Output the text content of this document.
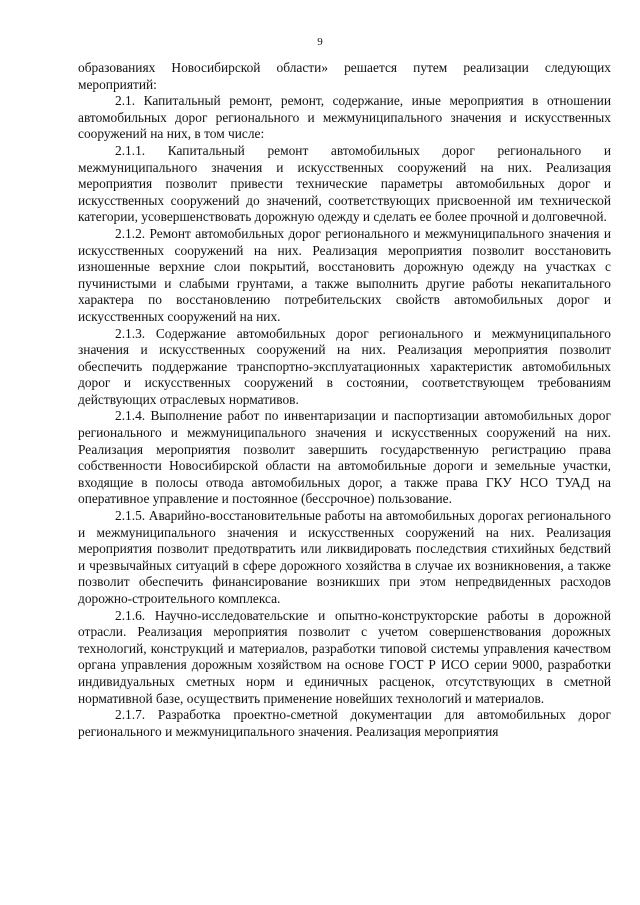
9

образованиях Новосибирской области» решается путем реализации следующих мероприятий:

2.1. Капитальный ремонт, ремонт, содержание, иные мероприятия в отношении автомобильных дорог регионального и межмуниципального значения и искусственных сооружений на них, в том числе:

2.1.1. Капитальный ремонт автомобильных дорог регионального и межмуниципального значения и искусственных сооружений на них. Реализация мероприятия позволит привести технические параметры автомобильных дорог и искусственных сооружений до значений, соответствующих присвоенной им технической категории, усовершенствовать дорожную одежду и сделать ее более прочной и долговечной.

2.1.2. Ремонт автомобильных дорог регионального и межмуниципального значения и искусственных сооружений на них. Реализация мероприятия позволит восстановить изношенные верхние слои покрытий, восстановить дорожную одежду на участках с пучинистыми и слабыми грунтами, а также выполнить другие работы некапитального характера по восстановлению потребительских свойств автомобильных дорог и искусственных сооружений на них.

2.1.3. Содержание автомобильных дорог регионального и межмуниципального значения и искусственных сооружений на них. Реализация мероприятия позволит обеспечить поддержание транспортно-эксплуатационных характеристик автомобильных дорог и искусственных сооружений в состоянии, соответствующем требованиям действующих отраслевых нормативов.

2.1.4. Выполнение работ по инвентаризации и паспортизации автомобильных дорог регионального и межмуниципального значения и искусственных сооружений на них. Реализация мероприятия позволит завершить государственную регистрацию права собственности Новосибирской области на автомобильные дороги и земельные участки, входящие в полосы отвода автомобильных дорог, а также права ГКУ НСО ТУАД на оперативное управление и постоянное (бессрочное) пользование.

2.1.5. Аварийно-восстановительные работы на автомобильных дорогах регионального и межмуниципального значения и искусственных сооружений на них. Реализация мероприятия позволит предотвратить или ликвидировать последствия стихийных бедствий и чрезвычайных ситуаций в сфере дорожного хозяйства в случае их возникновения, а также позволит обеспечить финансирование возникших при этом непредвиденных расходов дорожно-строительного комплекса.

2.1.6. Научно-исследовательские и опытно-конструкторские работы в дорожной отрасли. Реализация мероприятия позволит с учетом совершенствования дорожных технологий, конструкций и материалов, разработки типовой системы управления качеством органа управления дорожным хозяйством на основе ГОСТ Р ИСО серии 9000, разработки индивидуальных сметных норм и единичных расценок, отсутствующих в сметной нормативной базе, осуществить применение новейших технологий и материалов.

2.1.7. Разработка проектно-сметной документации для автомобильных дорог регионального и межмуниципального значения. Реализация мероприятия
